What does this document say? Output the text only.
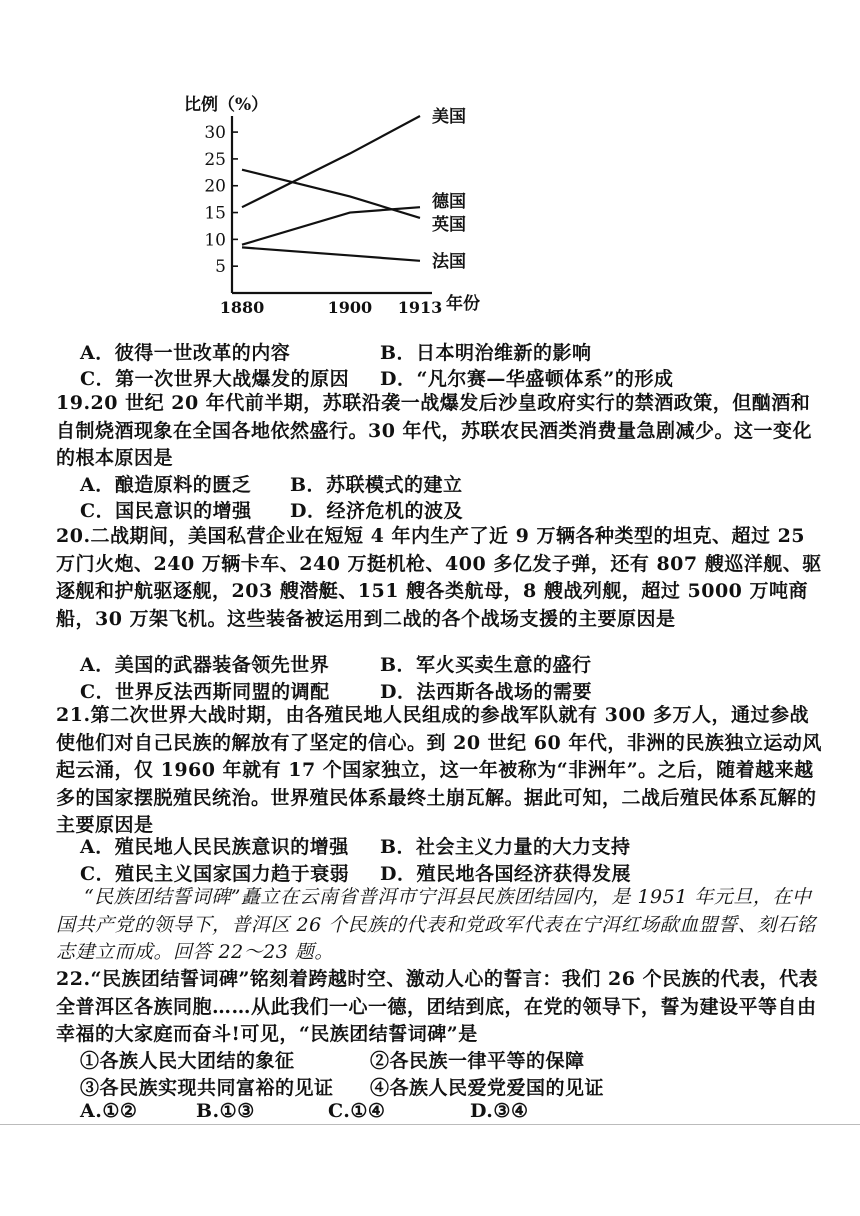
比例（%）
5
10
15
20
25
30
1880	1900 1913
美国
德国
英国
法国
年份
A．彼得一世改革的内容	B．日本明治维新的影响
C．第一次世界大战爆发的原因 D．“凡尔赛—华盛顿体系”的形成
19.20 世纪 20 年代前半期，苏联沿袭一战爆发后沙皇政府实行的禁酒政策，但酗酒和自制烧酒现象在全国各地依然盛行。30 年代，苏联农民酒类消费量急剧减少。这一变化的根本原因是
A．酿造原料的匮乏 B．苏联模式的建立
C．国民意识的增强 D．经济危机的波及
20.二战期间，美国私营企业在短短 4 年内生产了近 9 万辆各种类型的坦克、超过 25 万门火炮、240 万辆卡车、240 万挺机枪、400 多亿发子弹，还有 807 艘巡洋舰、驱逐舰和护航驱逐舰，203 艘潜艇、151 艘各类航母，8 艘战列舰，超过 5000 万吨商船，30 万架飞机。这些装备被运用到二战的各个战场支援的主要原因是
A．美国的武器装备领先世界	B．军火买卖生意的盛行
C．世界反法西斯同盟的调配	D．法西斯各战场的需要
21.第二次世界大战时期，由各殖民地人民组成的参战军队就有 300 多万人，通过参战使他们对自己民族的解放有了坚定的信心。到 20 世纪 60 年代，非洲的民族独立运动风起云涌，仅 1960 年就有 17 个国家独立，这一年被称为“非洲年”。之后，随着越来越多的国家摆脱殖民统治。世界殖民体系最终土崩瓦解。据此可知，二战后殖民体系瓦解的主要原因是
A．殖民地人民民族意识的增强 B．社会主义力量的大力支持
C．殖民主义国家国力趋于衰弱 D．殖民地各国经济获得发展
“民族团结誓词碑”矗立在云南省普洱市宁洱县民族团结园内，是 1951 年元旦，在中国共产党的领导下，普洱区 26 个民族的代表和党政军代表在宁洱红场歃血盟誓、刻石铭志建立而成。回答 22～23 题。
22.“民族团结誓词碑”铭刻着跨越时空、激动人心的誓言：我们 26 个民族的代表，代表全普洱区各族同胞……从此我们一心一德，团结到底，在党的领导下，誓为建设平等自由幸福的大家庭而奋斗!可见，“民族团结誓词碑”是
①各族人民大团结的象征	②各民族一律平等的保障
③各民族实现共同富裕的见证 ④各族人民爱党爱国的见证
A.①②	B.①③	C.①④	D.③④
